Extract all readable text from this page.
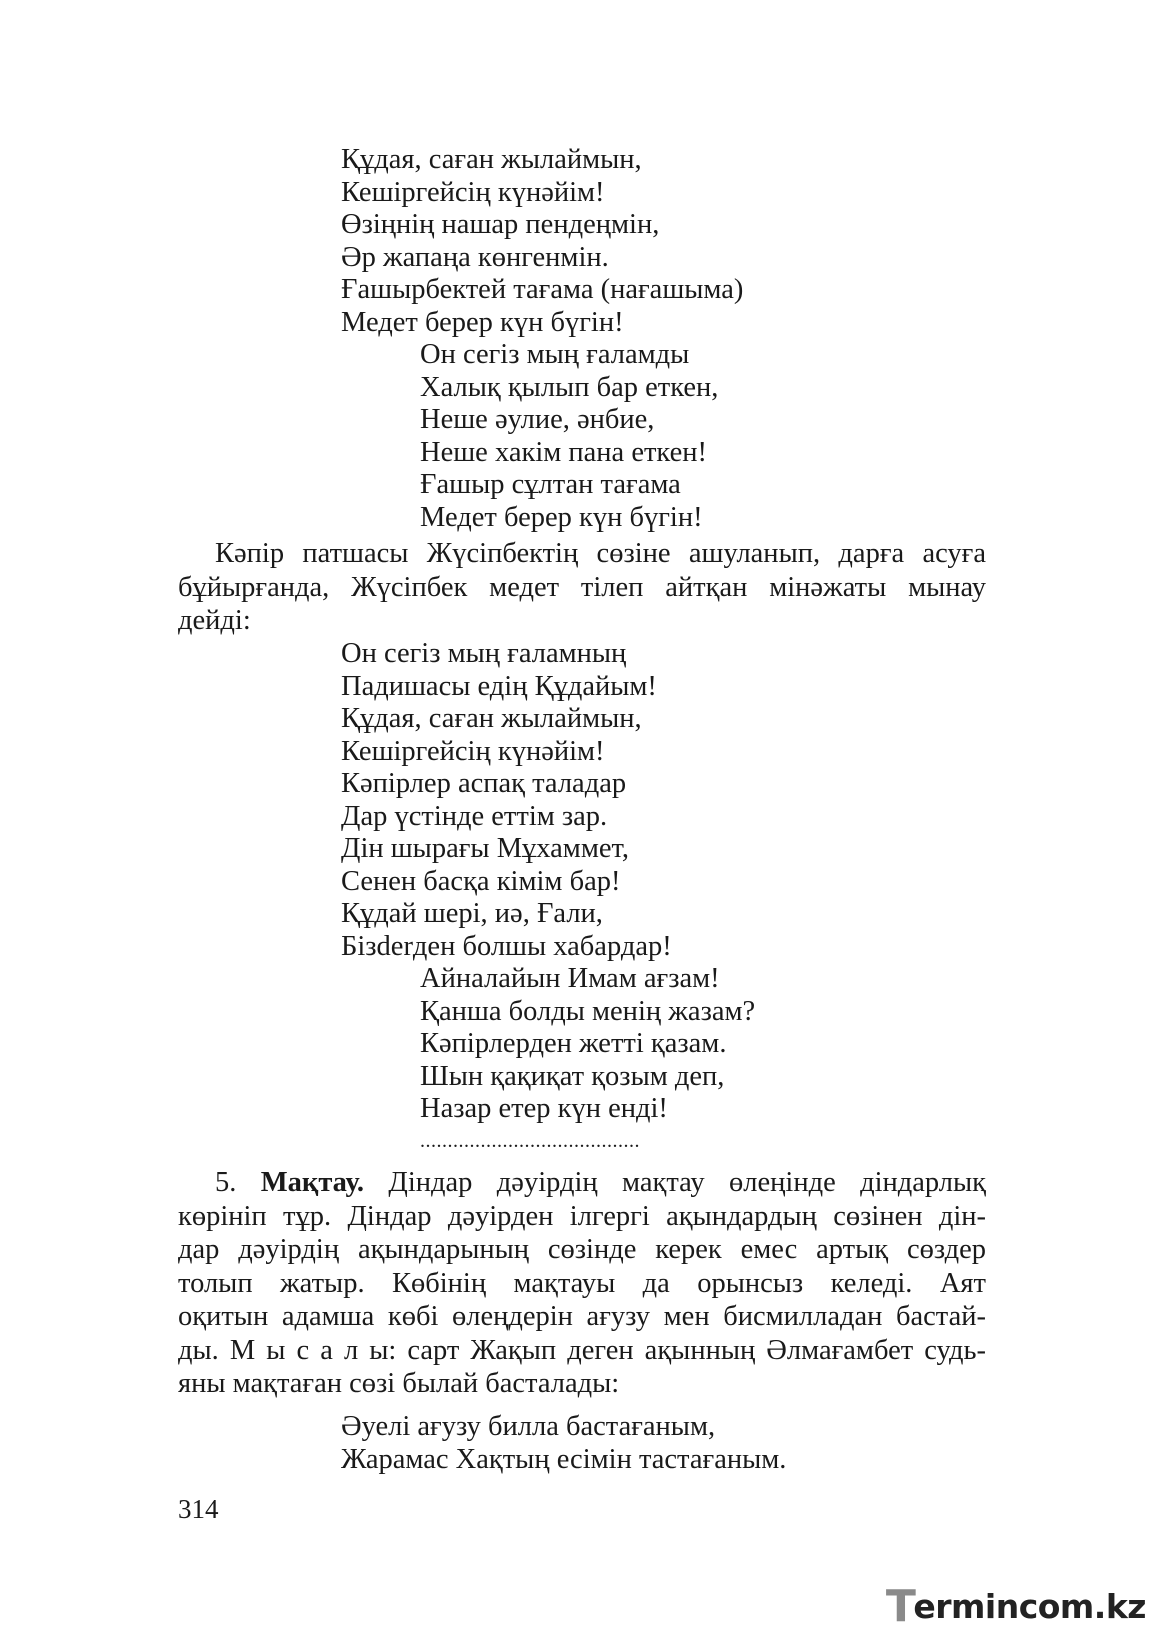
Құдая, саған жылаймын,
Кешіргейсің күнәйім!
Өзіңнің нашар пендеңмін,
Әр жапаңа көнгенмін.
Ғашырбектей тағама (нағашыма)
Медет берер күн бүгін!
Он сегіз мың ғаламды
Халық қылып бар еткен,
Неше әулие, әнбие,
Неше хакім пана еткен!
Ғашыр сұлтан тағама
Медет берер күн бүгін!
Кәпір патшасы Жүсіпбектің сөзіне ашуланып, дарға асуға
бұйырғанда, Жүсіпбек медет тілеп айтқан мінәжаты мынау
дейді:
Он сегіз мың ғаламның
Падишасы едің Құдайым!
Құдая, саған жылаймын,
Кешіргейсің күнәйім!
Кәпірлер аспақ таладар
Дар үстінде еттім зар.
Дін шырағы Мұхаммет,
Сенен басқа кімім бар!
Құдай шері, иә, Ғали,
Бізderден болшы хабардар!
Айналайын Имам ағзам!
Қанша болды менің жазам?
Кәпірлерден жетті қазам.
Шын қақиқат қозым деп,
Назар етер күн енді!
........................................
5. Мақтау. Діндар дәуірдің мақтау өлеңінде діндарлық
көрініп тұр. Діндар дәуірден ілгергі ақындардың сөзінен дін-
дар дәуірдің ақындарының сөзінде керек емес артық сөздер
толып жатыр. Көбінің мақтауы да орынсыз келеді. Аят
оқитын адамша көбі өлеңдерін ағузу мен бисмилладан бастай-
ды. М ы с а л ы: сарт Жақып деген ақынның Әлмағамбет судь-
яны мақтаған сөзі былай басталады:
Әуелі ағузу билла бастағаным,
Жарамас Хақтың есімін тастағаным.
314
T
ermincom.kz
